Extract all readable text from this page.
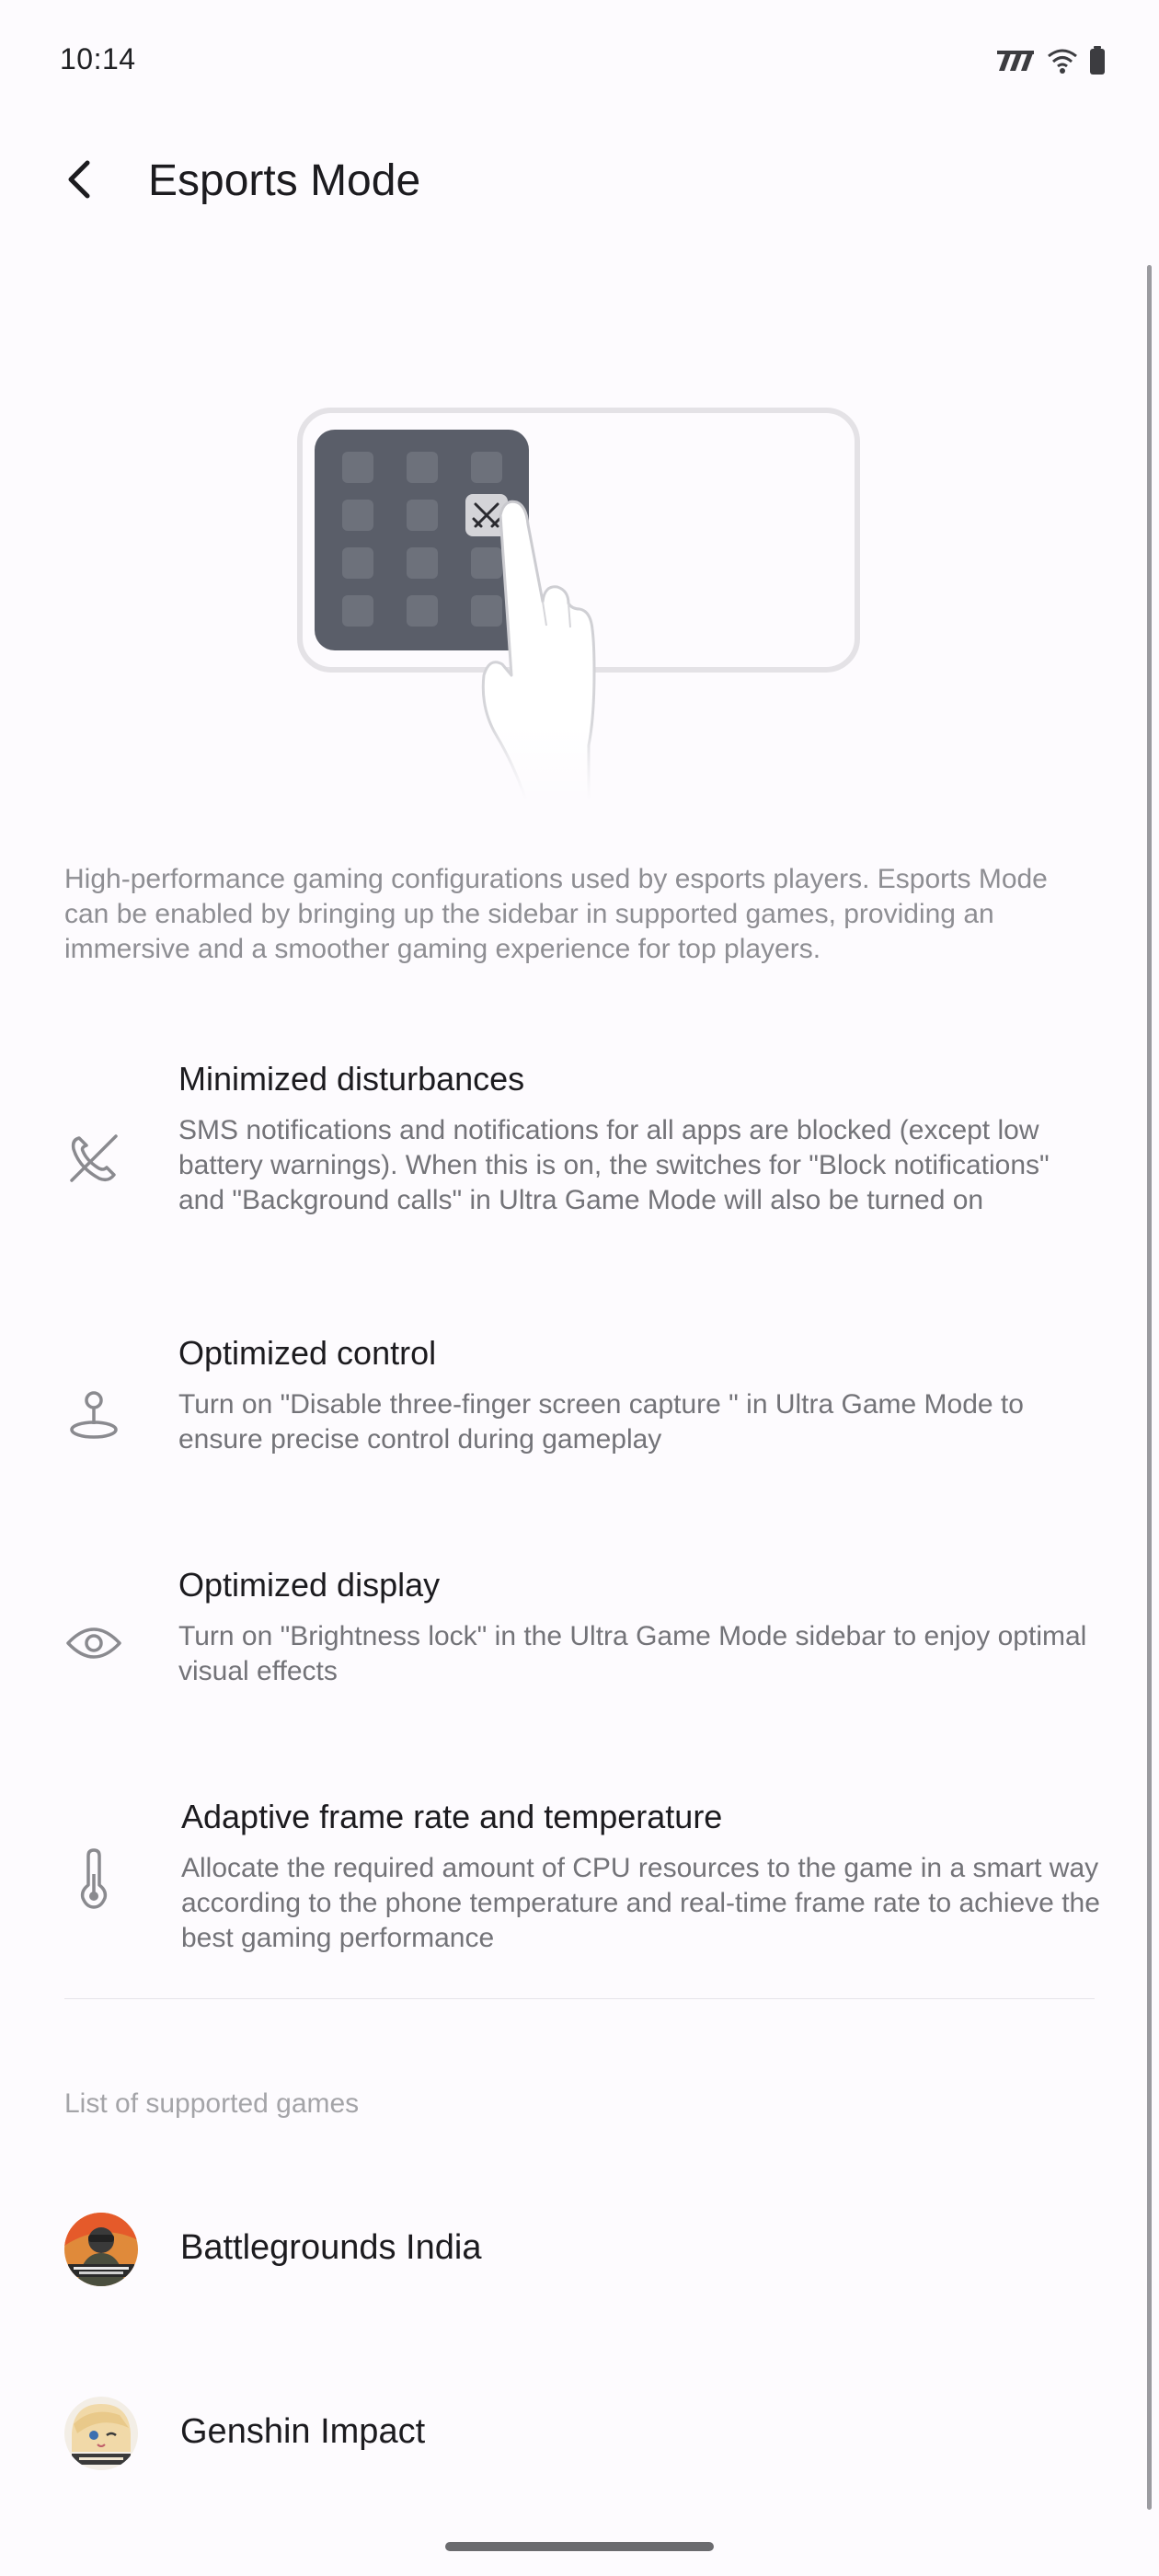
10:14
Esports Mode
High-performance gaming configurations used by esports players. Esports Mode can be enabled by bringing up the sidebar in supported games, providing an immersive and a smoother gaming experience for top players.
Minimized disturbances
SMS notifications and notifications for all apps are blocked (except low battery warnings). When this is on, the switches for "Block notifications" and "Background calls" in Ultra Game Mode will also be turned on
Optimized control
Turn on "Disable three-finger screen capture " in Ultra Game Mode to ensure precise control during gameplay
Optimized display
Turn on "Brightness lock" in the Ultra Game Mode sidebar to enjoy optimal visual effects
Adaptive frame rate and temperature
Allocate the required amount of CPU resources to the game in a smart way according to the phone temperature and real-time frame rate to achieve the best gaming performance
List of supported games
Battlegrounds India
Genshin Impact
